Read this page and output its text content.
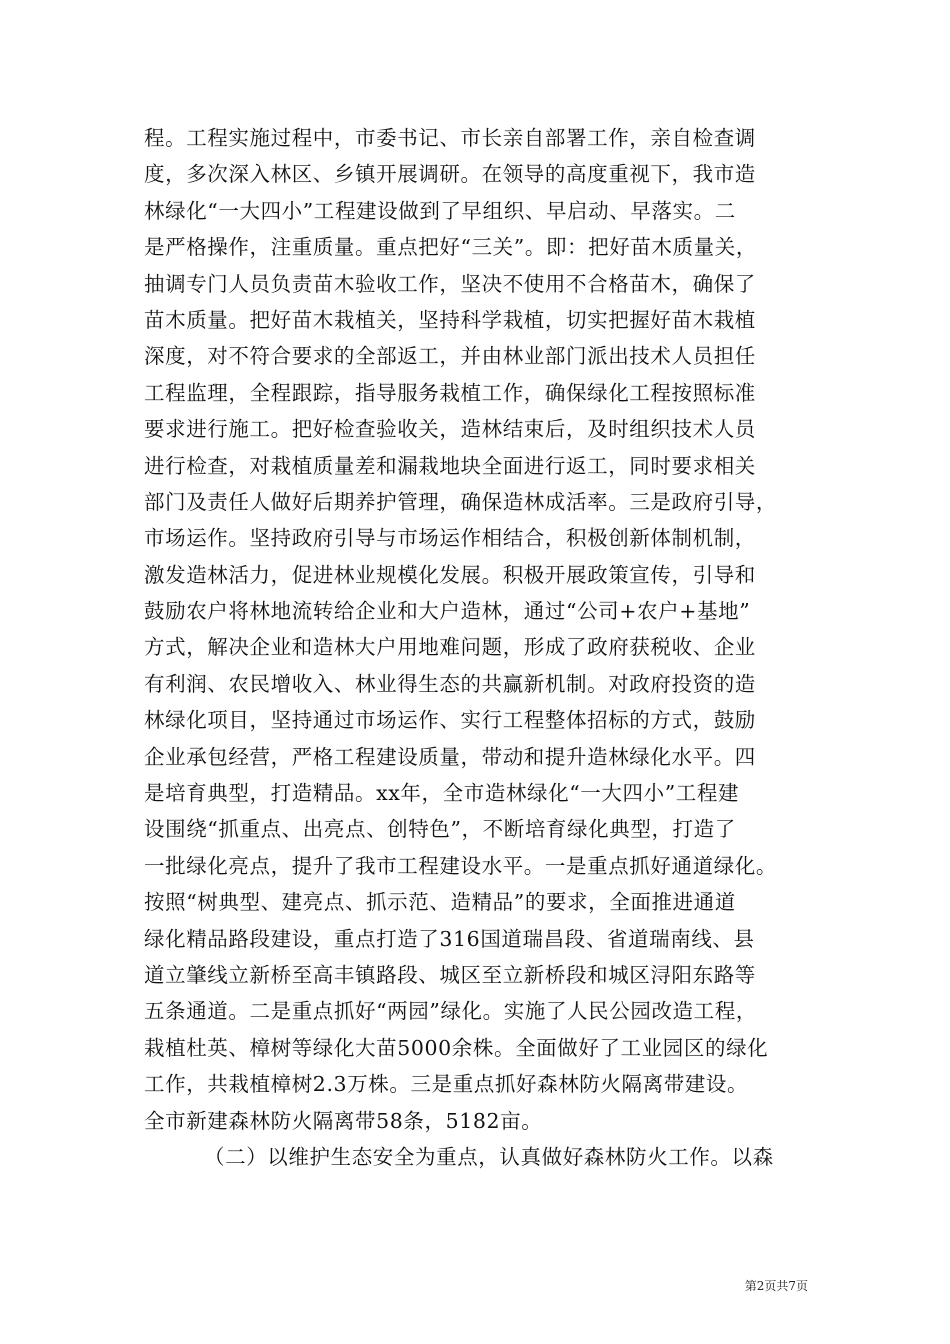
程。工程实施过程中，市委书记、市长亲自部署工作，亲自检查调
度，多次深入林区、乡镇开展调研。在领导的高度重视下，我市造
林绿化“一大四小”工程建设做到了早组织、早启动、早落实。二
是严格操作，注重质量。重点把好“三关”。即：把好苗木质量关，
抽调专门人员负责苗木验收工作，坚决不使用不合格苗木，确保了
苗木质量。把好苗木栽植关，坚持科学栽植，切实把握好苗木栽植
深度，对不符合要求的全部返工，并由林业部门派出技术人员担任
工程监理，全程跟踪，指导服务栽植工作，确保绿化工程按照标准
要求进行施工。把好检查验收关，造林结束后，及时组织技术人员
进行检查，对栽植质量差和漏栽地块全面进行返工，同时要求相关
部门及责任人做好后期养护管理，确保造林成活率。三是政府引导，
市场运作。坚持政府引导与市场运作相结合，积极创新体制机制，
激发造林活力，促进林业规模化发展。积极开展政策宣传，引导和
鼓励农户将林地流转给企业和大户造林，通过“公司+农户+基地”
方式，解决企业和造林大户用地难问题，形成了政府获税收、企业
有利润、农民增收入、林业得生态的共赢新机制。对政府投资的造
林绿化项目，坚持通过市场运作、实行工程整体招标的方式，鼓励
企业承包经营，严格工程建设质量，带动和提升造林绿化水平。四
是培育典型，打造精品。xx年，全市造林绿化“一大四小”工程建
设围绕“抓重点、出亮点、创特色”，不断培育绿化典型，打造了
一批绿化亮点，提升了我市工程建设水平。一是重点抓好通道绿化。
按照“树典型、建亮点、抓示范、造精品”的要求，全面推进通道
绿化精品路段建设，重点打造了316国道瑞昌段、省道瑞南线、县
道立肇线立新桥至高丰镇路段、城区至立新桥段和城区浔阳东路等
五条通道。二是重点抓好“两园”绿化。实施了人民公园改造工程，
栽植杜英、樟树等绿化大苗5000余株。全面做好了工业园区的绿化
工作，共栽植樟树2.3万株。三是重点抓好森林防火隔离带建设。
全市新建森林防火隔离带58条，5182亩。
（二）以维护生态安全为重点，认真做好森林防火工作。以森
第2页共7页
